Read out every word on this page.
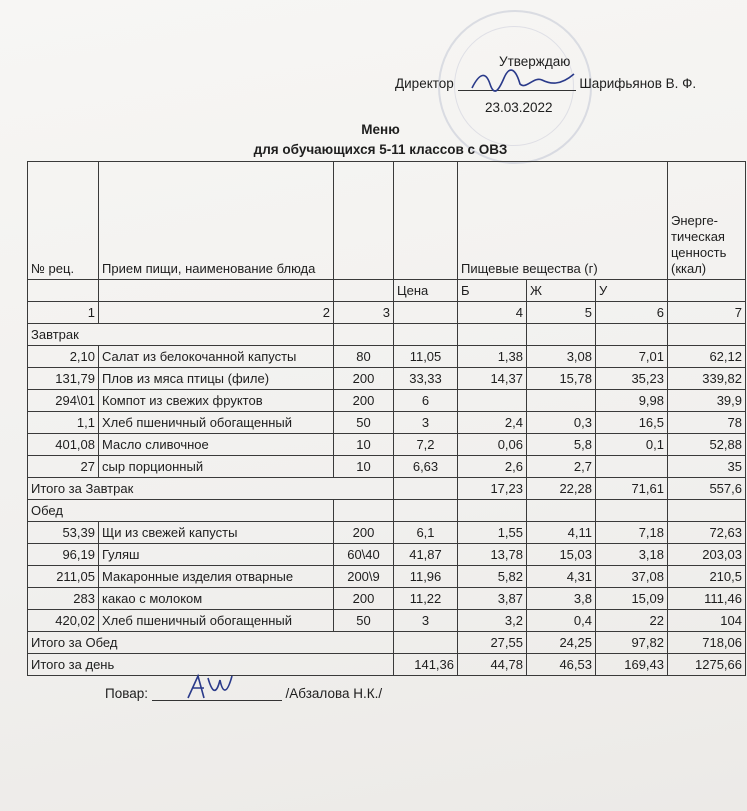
Утверждаю
Директор	Шарифьянов В. Ф.
23.03.2022
Меню
для обучающихся 5-11 классов с ОВЗ
№ рец.	Прием пищи, наименование блюда			Пищевые вещества (г)			Энерге-тическая ценность (ккал)
			Цена	Б	Ж	У	
1	2	3		4	5	6	7
Завтрак							
2,10	Салат из белокочанной капусты	80	11,05	1,38	3,08	7,01	62,12
131,79	Плов из мяса птицы (филе)	200	33,33	14,37	15,78	35,23	339,82
294\01	Компот из свежих фруктов	200	6			9,98	39,9
1,1	Хлеб пшеничный обогащенный	50	3	2,4	0,3	16,5	78
401,08	Масло сливочное	10	7,2	0,06	5,8	0,1	52,88
27	сыр порционный	10	6,63	2,6	2,7		35
Итого за Завтрак				17,23	22,28	71,61	557,6
Обед							
53,39	Щи из свежей капусты	200	6,1	1,55	4,11	7,18	72,63
96,19	Гуляш	60\40	41,87	13,78	15,03	3,18	203,03
211,05	Макаронные изделия отварные	200\9	11,96	5,82	4,31	37,08	210,5
283	какао с молоком	200	11,22	3,87	3,8	15,09	111,46
420,02	Хлеб пшеничный обогащенный	50	3	3,2	0,4	22	104
Итого за Обед				27,55	24,25	97,82	718,06
Итого за день			141,36	44,78	46,53	169,43	1275,66
Повар:	/Абзалова Н.К./
